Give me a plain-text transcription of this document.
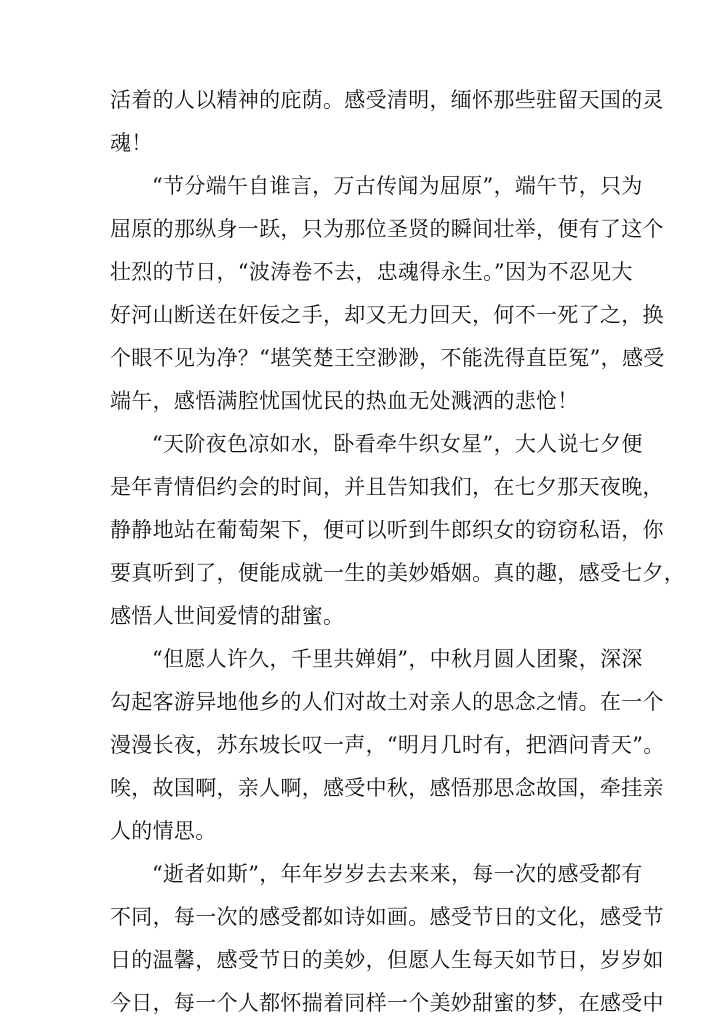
活着的人以精神的庇荫。感受清明，缅怀那些驻留天国的灵
魂！
“节分端午自谁言，万古传闻为屈原”，端午节，只为
屈原的那纵身一跃，只为那位圣贤的瞬间壮举，便有了这个
壮烈的节日，“波涛卷不去，忠魂得永生。”因为不忍见大
好河山断送在奸佞之手，却又无力回天，何不一死了之，换
个眼不见为净？“堪笑楚王空渺渺，不能洗得直臣冤”，感受
端午，感悟满腔忧国忧民的热血无处溅洒的悲怆！
“天阶夜色凉如水，卧看牵牛织女星”，大人说七夕便
是年青情侣约会的时间，并且告知我们，在七夕那天夜晚，
静静地站在葡萄架下，便可以听到牛郎织女的窃窃私语，你
要真听到了，便能成就一生的美妙婚姻。真的趣，感受七夕，
感悟人世间爱情的甜蜜。
“但愿人许久，千里共婵娟”，中秋月圆人团聚，深深
勾起客游异地他乡的人们对故土对亲人的思念之情。在一个
漫漫长夜，苏东坡长叹一声，“明月几时有，把酒问青天”。
唉，故国啊，亲人啊，感受中秋，感悟那思念故国，牵挂亲
人的情思。
“逝者如斯”，年年岁岁去去来来，每一次的感受都有
不同，每一次的感受都如诗如画。感受节日的文化，感受节
日的温馨，感受节日的美妙，但愿人生每天如节日，岁岁如
今日，每一个人都怀揣着同样一个美妙甜蜜的梦，在感受中
